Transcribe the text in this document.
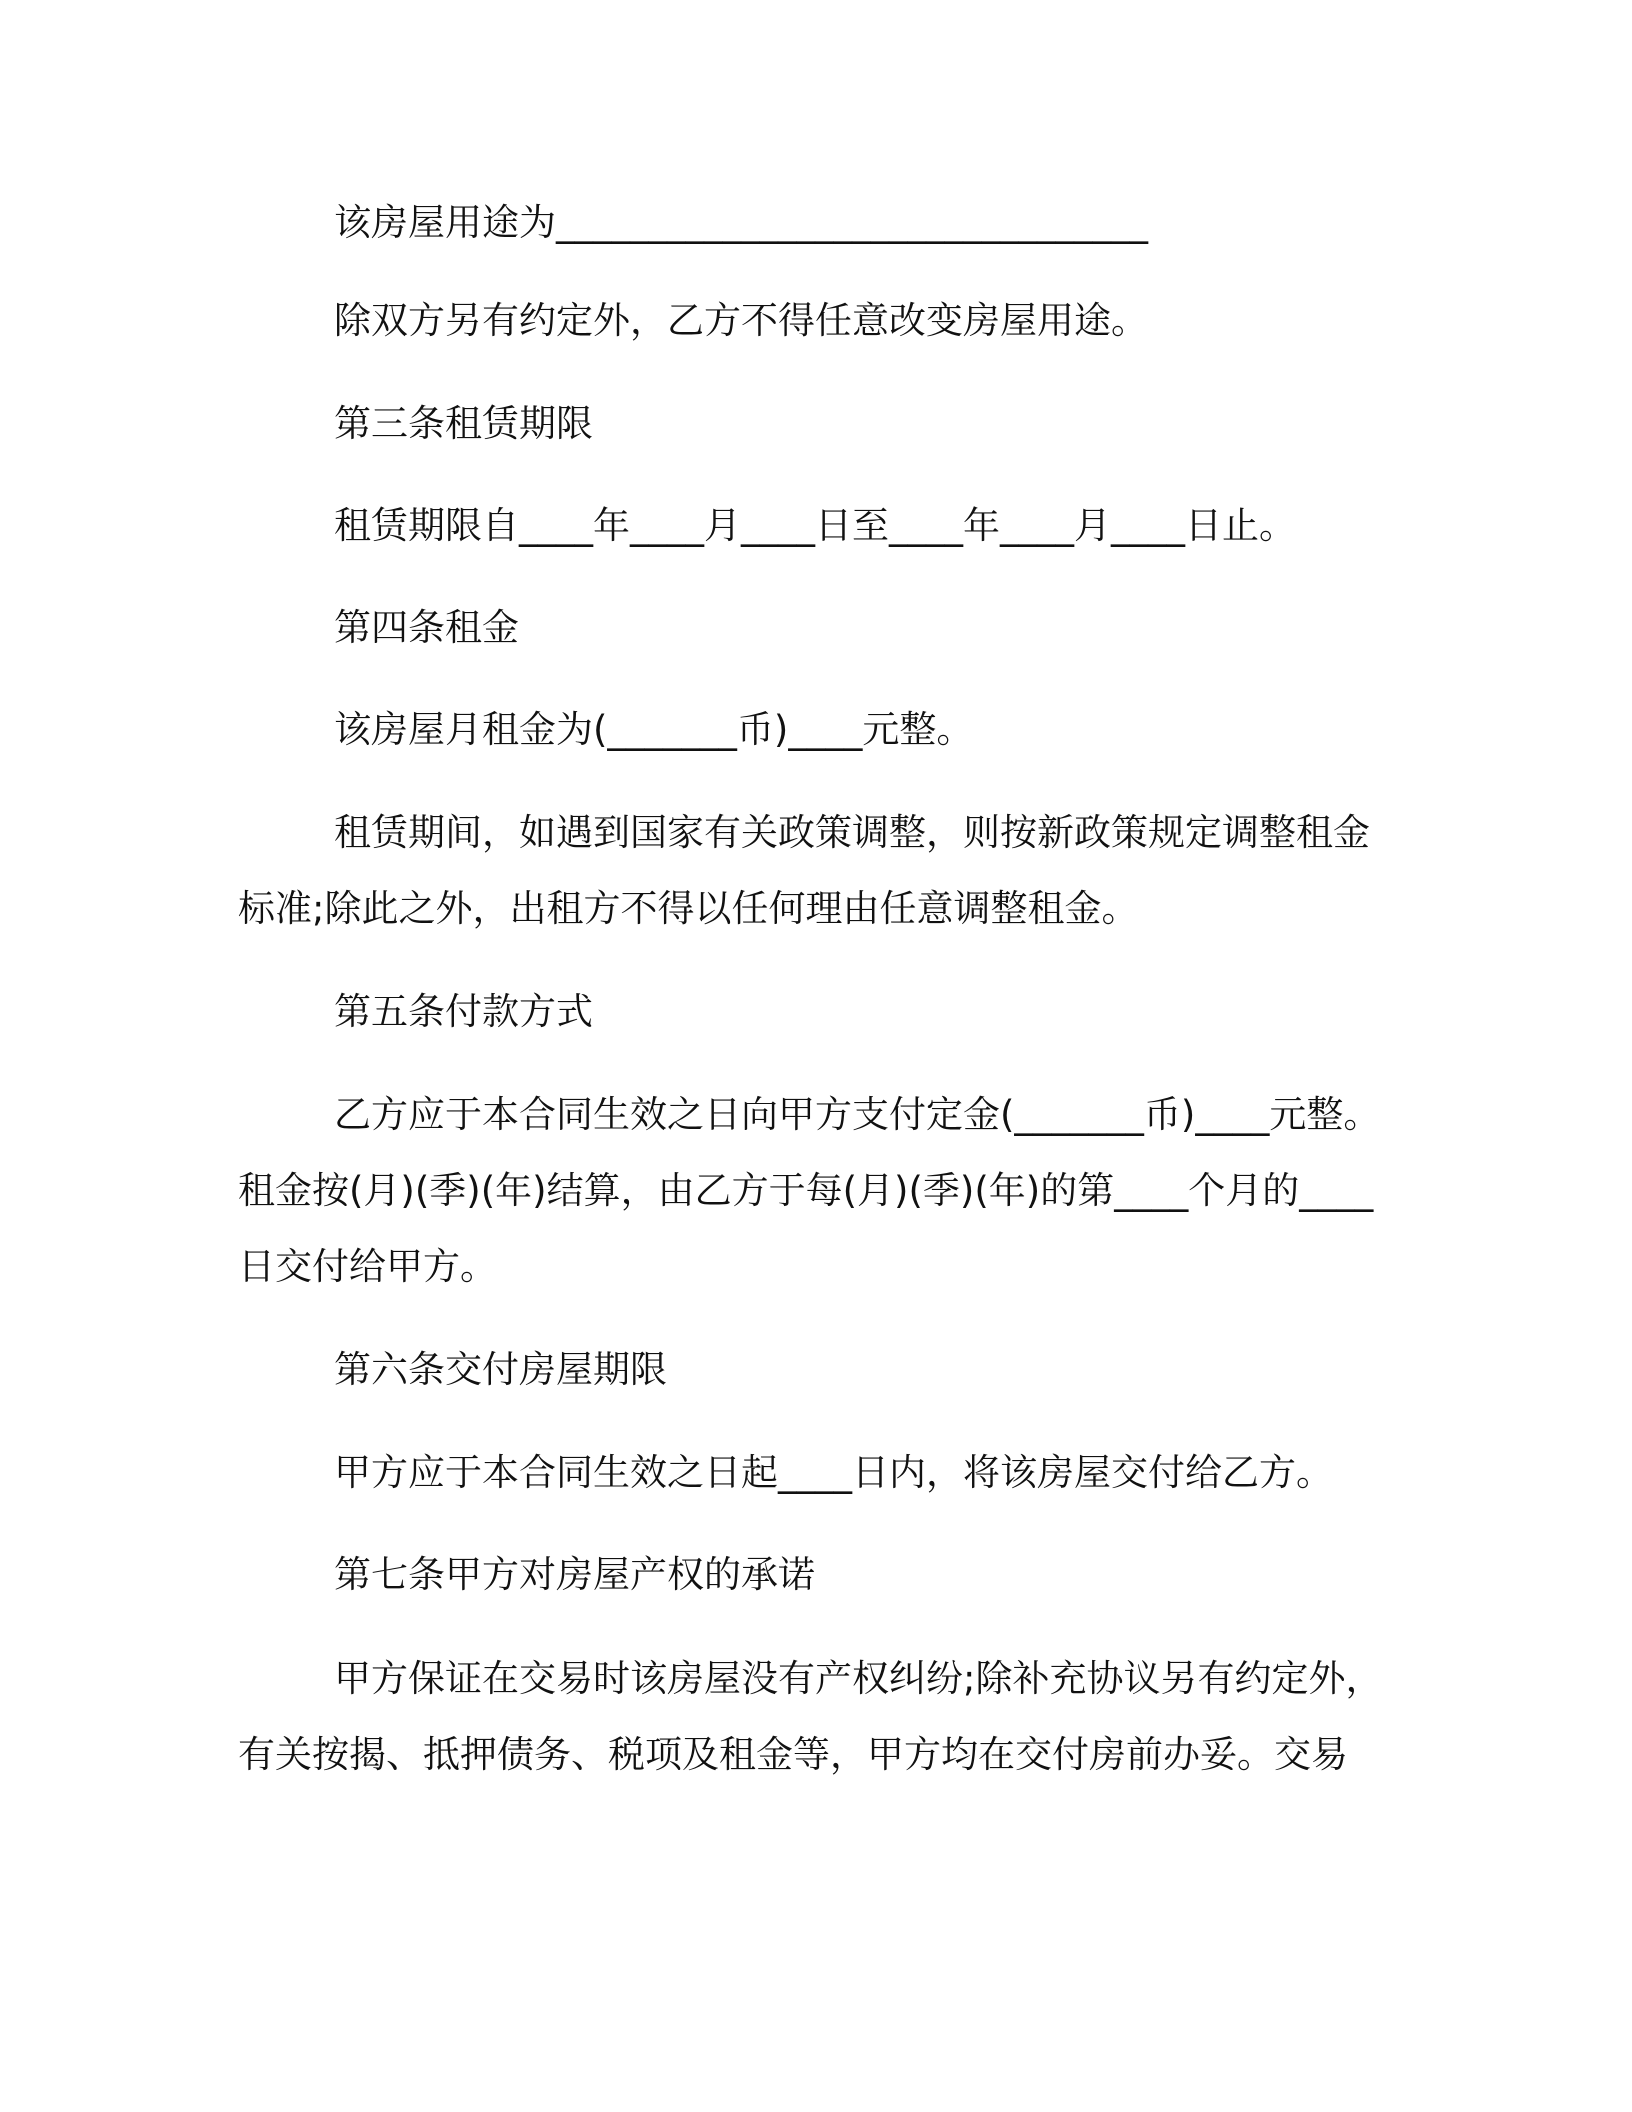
该房屋用途为________________________________
除双方另有约定外，乙方不得任意改变房屋用途。
第三条租赁期限
租赁期限自____年____月____日至____年____月____日止。
第四条租金
该房屋月租金为(_______币)____元整。
租赁期间，如遇到国家有关政策调整，则按新政策规定调整租金
标准;除此之外，出租方不得以任何理由任意调整租金。
第五条付款方式
乙方应于本合同生效之日向甲方支付定金(_______币)____元整。
租金按(月)(季)(年)结算，由乙方于每(月)(季)(年)的第____个月的____
日交付给甲方。
第六条交付房屋期限
甲方应于本合同生效之日起____日内，将该房屋交付给乙方。
第七条甲方对房屋产权的承诺
甲方保证在交易时该房屋没有产权纠纷;除补充协议另有约定外，
有关按揭、抵押债务、税项及租金等，甲方均在交付房前办妥。交易
